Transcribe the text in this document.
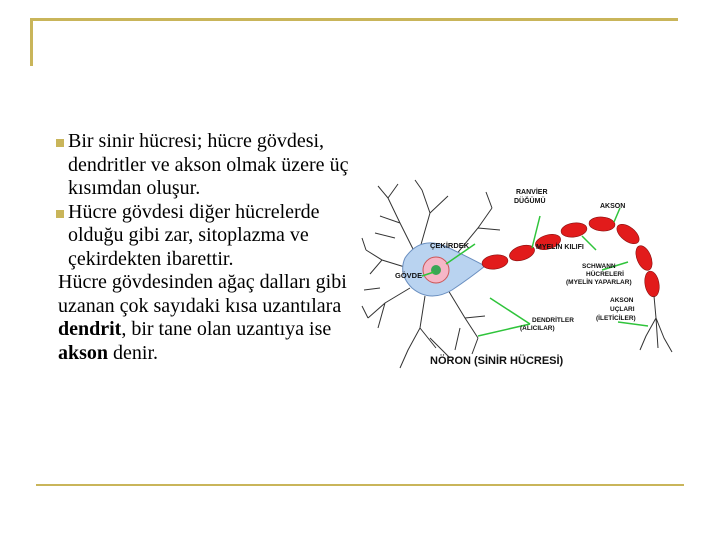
Bir sinir hücresi; hücre gövdesi, dendritler ve akson olmak üzere üç kısımdan oluşur.
Hücre gövdesi diğer hücrelerde olduğu gibi zar, sitoplazma ve çekirdekten ibarettir.
Hücre gövdesinden ağaç dalları gibi uzanan çok sayıdaki kısa uzantılara dendrit, bir tane olan uzantıya ise akson denir.
RANVİER
DÜĞÜMÜ
AKSON
ÇEKİRDEK	MYELİN KILIFI
GÖVDE
SCHWANN
HÜCRELERİ
(MYELİN YAPARLAR)
DENDRİTLER
(ALICILAR)
AKSON
UÇLARI
(İLETİCİLER)
NÖRON (SİNİR HÜCRESİ)
